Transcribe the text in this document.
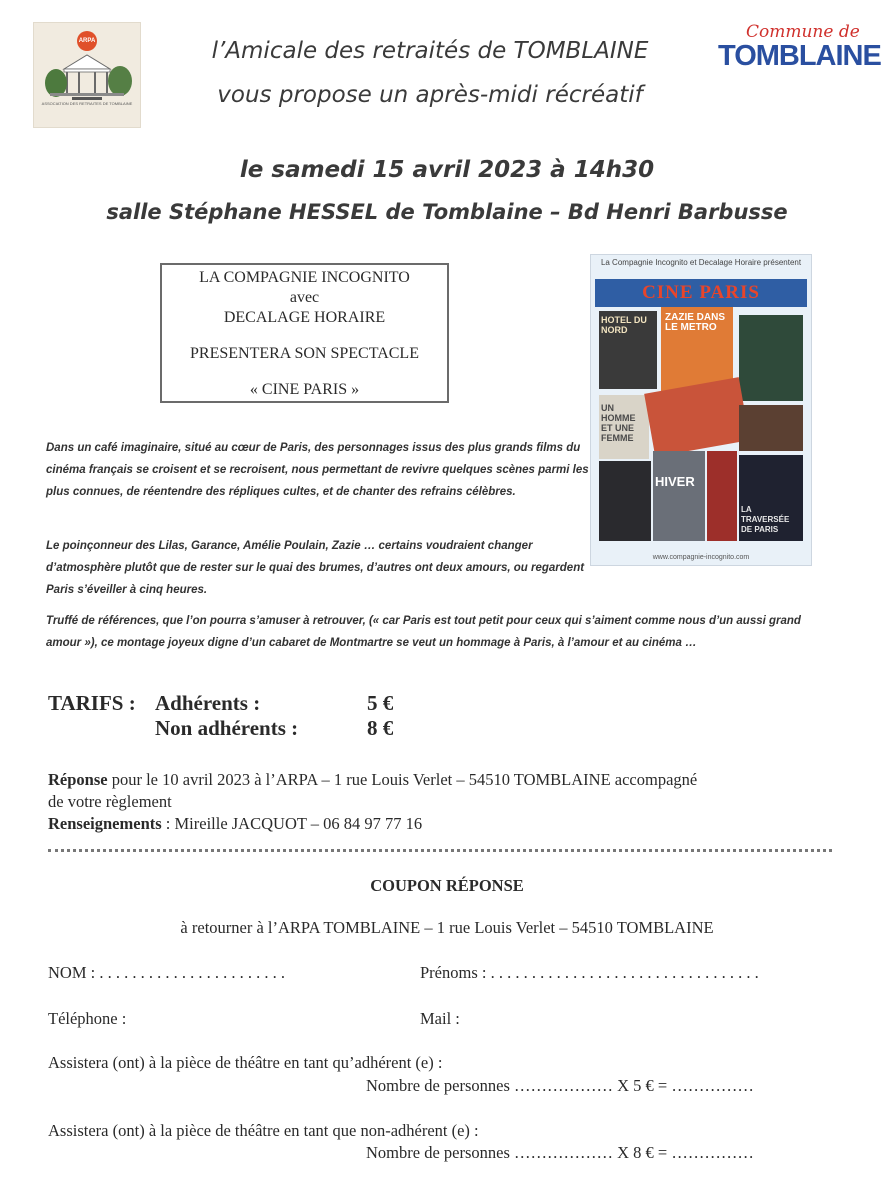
ARPA
ASSOCIATION DES RETRAITES DE TOMBLAINE
Commune de
TOMBLAINE
l’Amicale des retraités de TOMBLAINE
vous propose un après-midi récréatif
le samedi 15 avril 2023 à 14h30
salle Stéphane HESSEL de Tomblaine – Bd Henri Barbusse
LA COMPAGNIE INCOGNITO
avec
DECALAGE HORAIRE
PRESENTERA SON SPECTACLE
« CINE PARIS »
La Compagnie Incognito et Decalage Horaire présentent
CINE PARIS
HOTEL DU NORD
ZAZIE DANS LE METRO
UN HOMME ET UNE FEMME
HIVER
LA TRAVERSÉE DE PARIS
www.compagnie-incognito.com
Dans un café imaginaire, situé au cœur de Paris, des personnages issus des plus grands films du cinéma français se croisent et se recroisent, nous permettant de revivre quelques scènes parmi les plus connues, de réentendre des répliques cultes, et de chanter des refrains célèbres.
Le poinçonneur des Lilas, Garance, Amélie Poulain, Zazie … certains voudraient changer d’atmosphère plutôt que de rester sur le quai des brumes, d’autres ont deux amours, ou regardent Paris s’éveiller à cinq heures.
Truffé de références, que l’on pourra s’amuser à retrouver, (« car Paris est tout petit pour ceux qui s’aiment comme nous d’un aussi grand amour »), ce montage joyeux digne d’un cabaret de Montmartre se veut un hommage à Paris, à l’amour et au cinéma …
TARIFS : Adhérents :	5 €
Non adhérents :	8 €
Réponse pour le 10 avril 2023 à l’ARPA – 1 rue Louis Verlet – 54510 TOMBLAINE accompagné
de votre règlement
Renseignements : Mireille JACQUOT – 06 84 97 77 16
COUPON RÉPONSE
à retourner à l’ARPA TOMBLAINE – 1 rue Louis Verlet – 54510 TOMBLAINE
NOM : . . . . . . . . . . . . . . . . . . . . . . .	Prénoms : . . . . . . . . . . . . . . . . . . . . . . . . . . . . . . . . .
Téléphone :	Mail :
Assistera (ont) à la pièce de théâtre en tant qu’adhérent (e) :
Nombre de personnes ……………… X 5 € = ……………
Assistera (ont) à la pièce de théâtre en tant que non-adhérent (e) :
Nombre de personnes ……………… X 8 € = ……………
